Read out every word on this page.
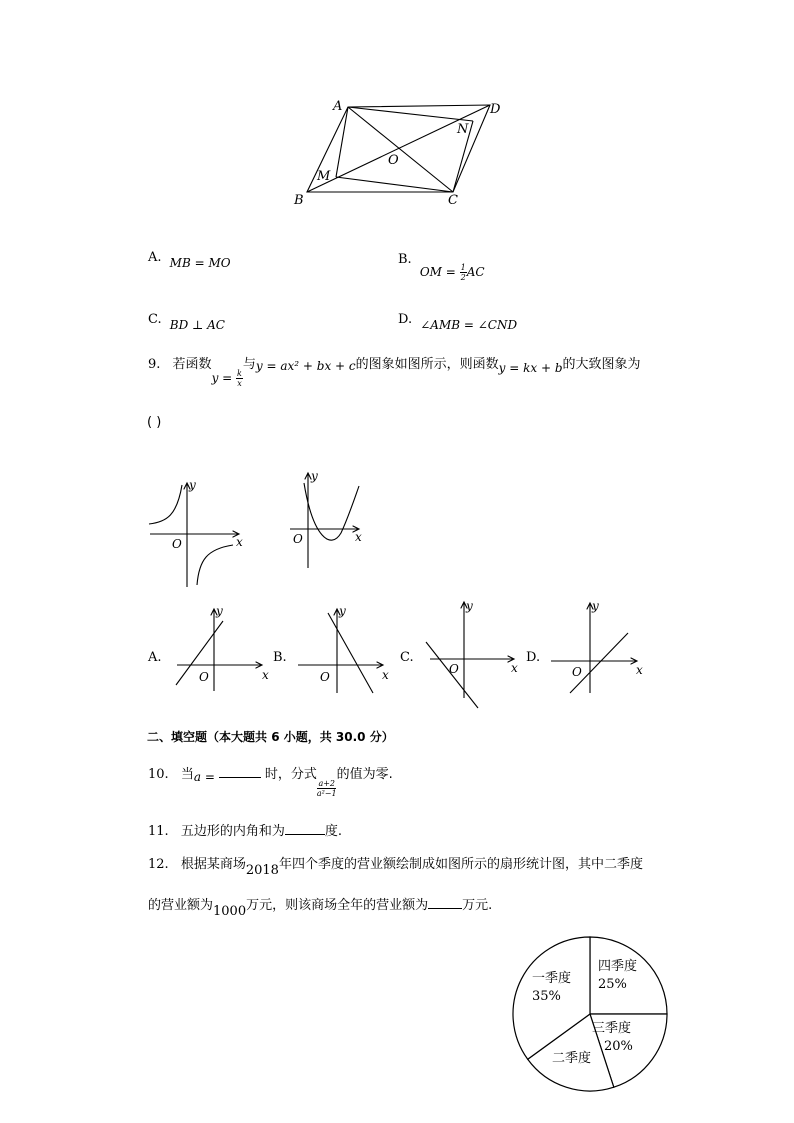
A	D
N
O
M
B	C
A. MB = MO	B. OM = $\frac{1}{2}$ AC
C. BD ⊥ AC	D. ∠AMB = ∠CND
9. 若函数$y = \frac{k}{x}$
与y = ax² + bx + c的图象如图所示，则函数y = kx + b的大致图象为
( )
y
x
O
y
x
O
A.
y
x
O
B.
y
x
O
C.
y
x
O
D.
y
x
O
二、填空题（本大题共 6 小题，共 30.0 分）
10. 当a =	时，分式
$\frac{a+2}{\text{a²−1}}$
的值为零.
11. 五边形的内角和为	度.
12. 根据某商场2018年四个季度的营业额绘制成如图所示的扇形统计图，其中二季度
的营业额为1000万元，则该商场全年的营业额为	万元.
一季度
35%
四季度
25%
三季度
20%
二季度
